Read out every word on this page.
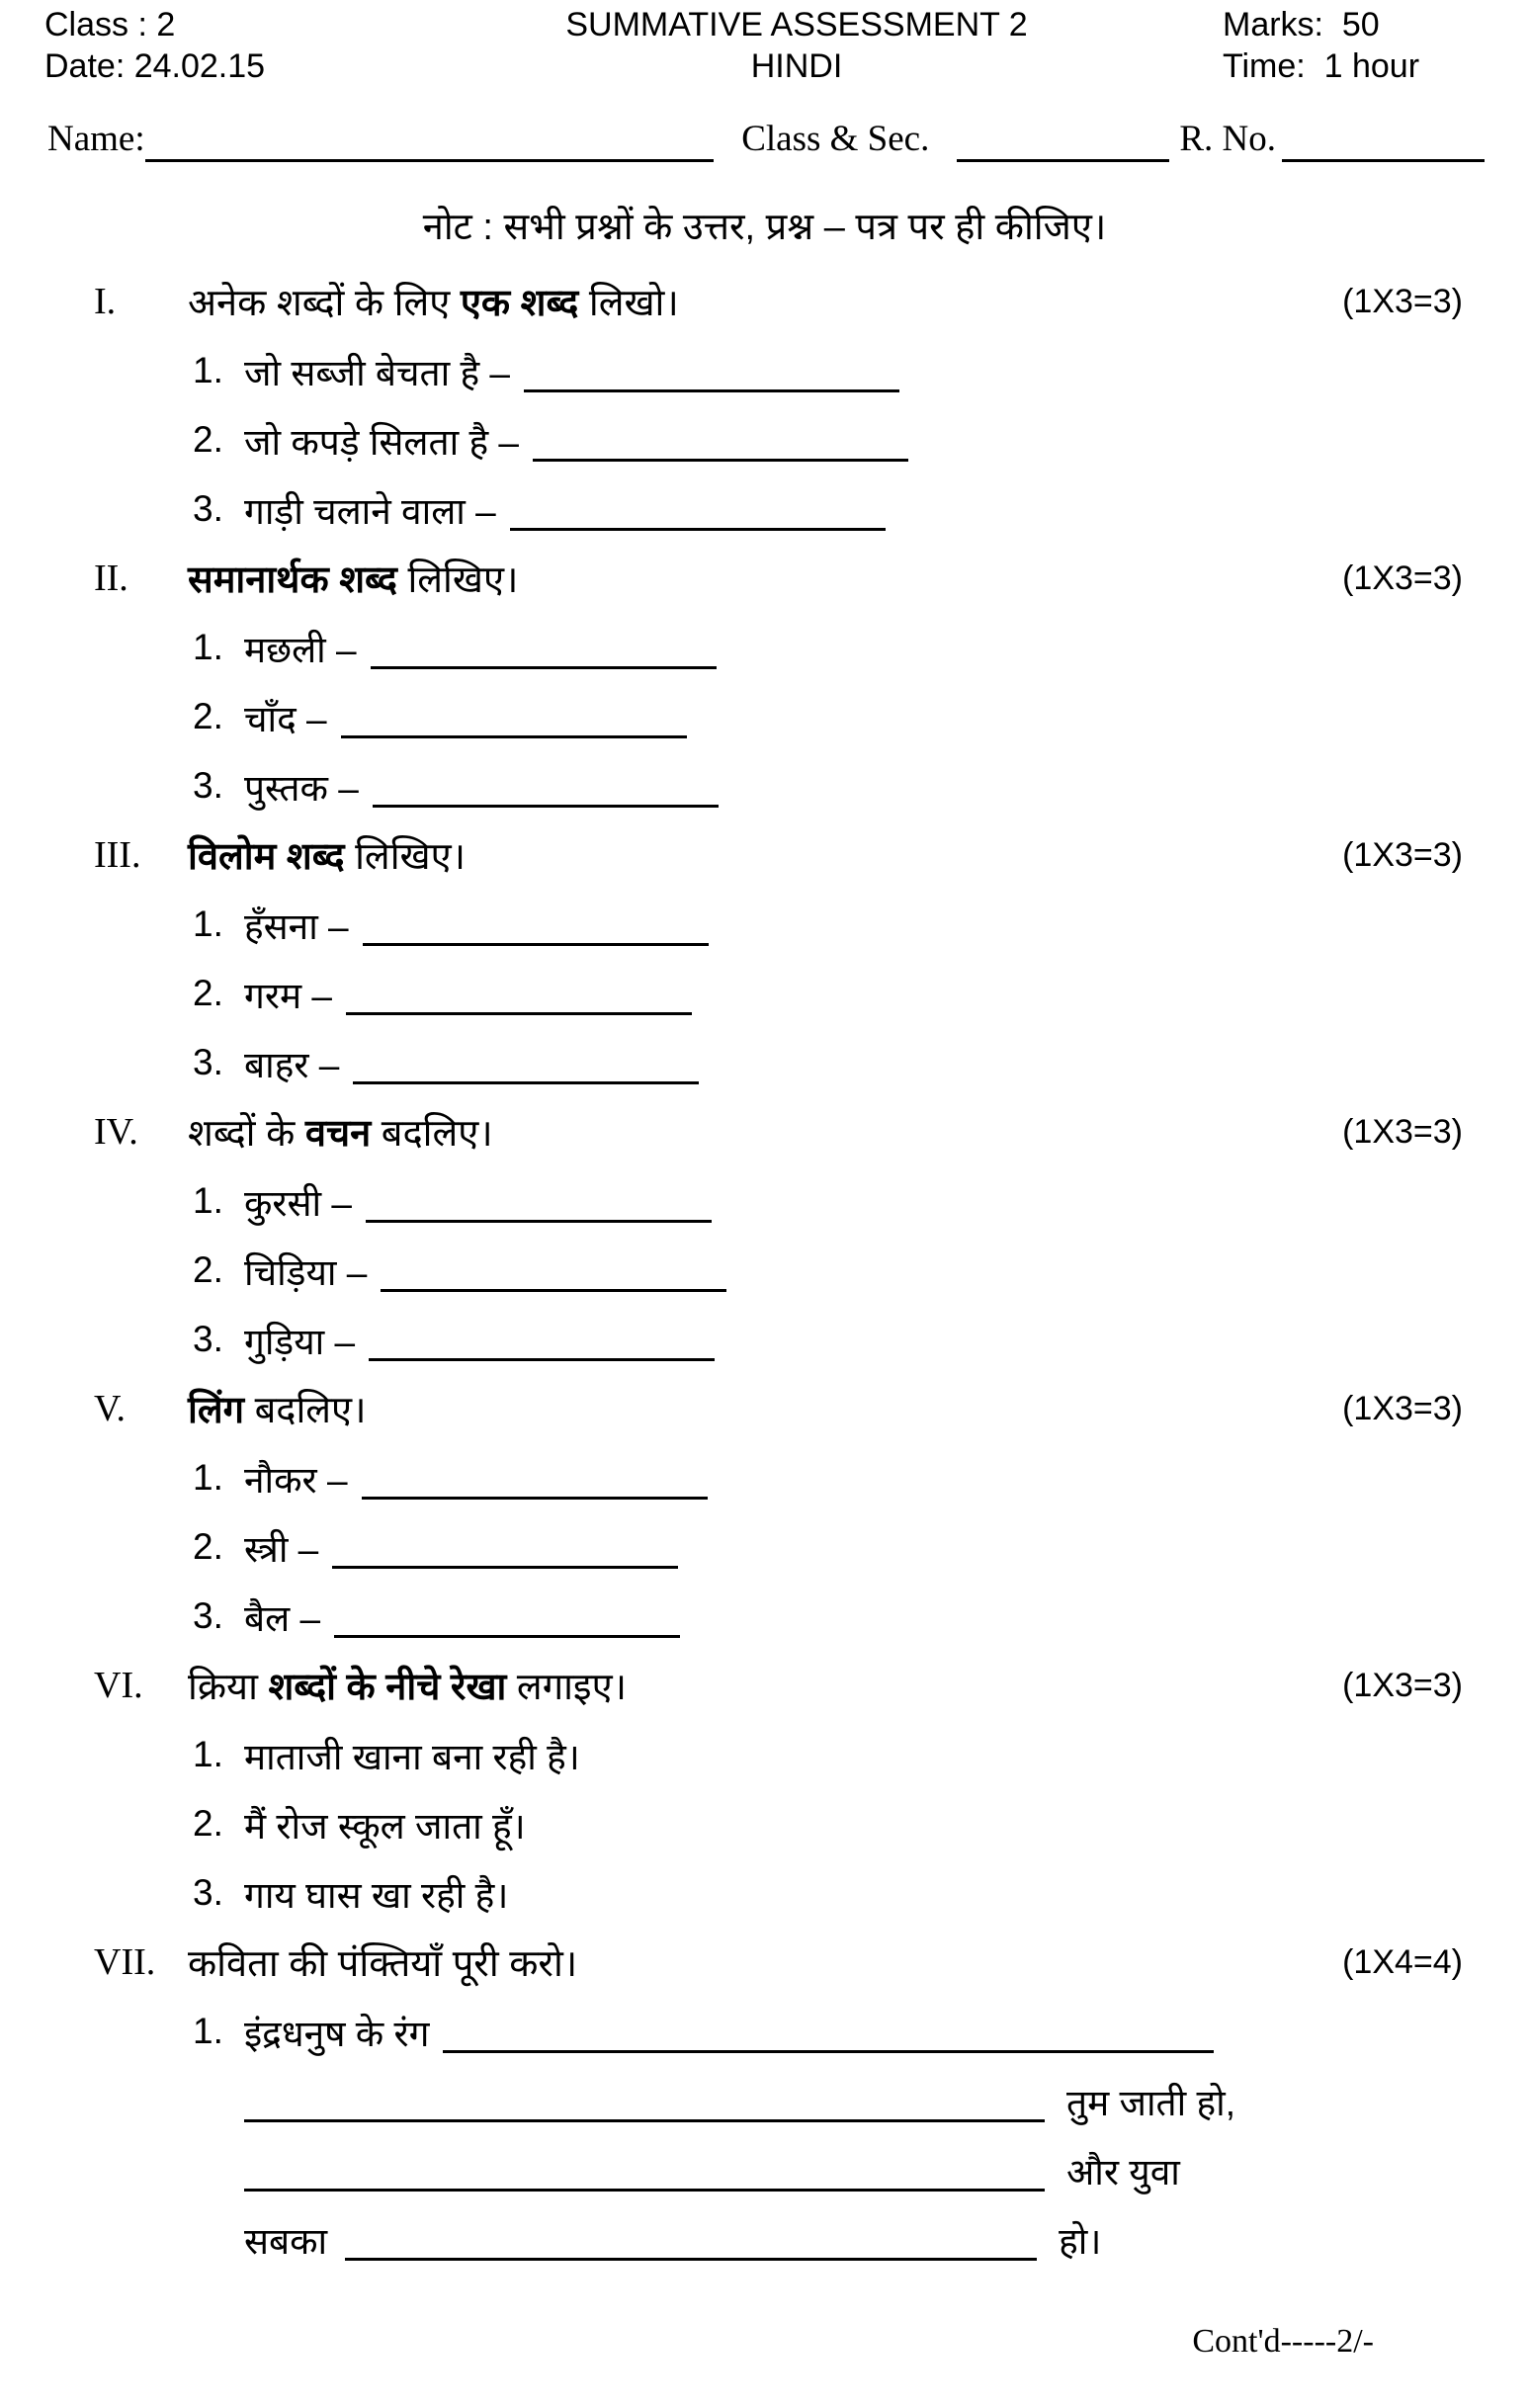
Class : 2	SUMMATIVE ASSESSMENT 2	Marks:  50
Date: 24.02.15	HINDI	Time:  1 hour
Name:	Class & Sec.	R. No.
नोट : सभी प्रश्नों के उत्तर, प्रश्न – पत्र पर ही कीजिए।
I.	अनेक शब्दों के लिए एक शब्द लिखो।	(1X3=3)
1. जो सब्जी बेचता है –
2. जो कपड़े सिलता है –
3. गाड़ी चलाने वाला –
II.	समानार्थक शब्द लिखिए।	(1X3=3)
1. मछली –
2. चाँद –
3. पुस्तक –
III.	विलोम शब्द लिखिए।	(1X3=3)
1. हँसना –
2. गरम –
3. बाहर –
IV.	शब्दों के वचन बदलिए।	(1X3=3)
1. कुरसी –
2. चिड़िया –
3. गुड़िया –
V.	लिंग बदलिए।	(1X3=3)
1. नौकर –
2. स्त्री –
3. बैल –
VI.	क्रिया शब्दों के नीचे रेखा लगाइए।	(1X3=3)
1. माताजी खाना बना रही है।
2. मैं रोज स्कूल जाता हूँ।
3. गाय घास खा रही है।
VII. कविता की पंक्तियाँ पूरी करो।	(1X4=4)
1. इंद्रधनुष के रंग
तुम जाती हो,
और युवा
सबका	हो।
Cont'd-----2/-
